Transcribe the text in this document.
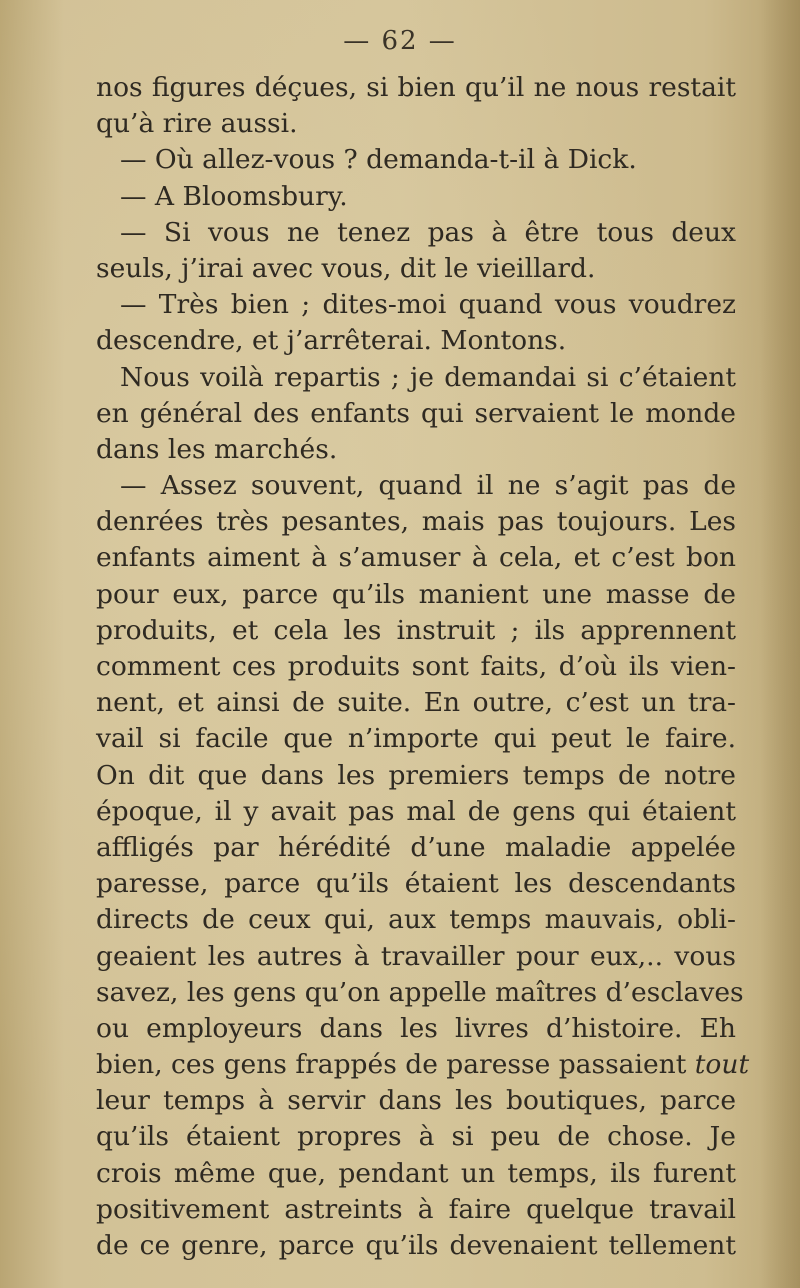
— 62 —
nos figures déçues, si bien qu’il ne nous restait
qu’à rire aussi.
— Où allez-vous ? demanda-t-il à Dick.
— A Bloomsbury.
— Si vous ne tenez pas à être tous deux
seuls, j’irai avec vous, dit le vieillard.
— Très bien ; dites-moi quand vous voudrez
descendre, et j’arrêterai. Montons.
Nous voilà repartis ; je demandai si c’étaient
en général des enfants qui servaient le monde
dans les marchés.
— Assez souvent, quand il ne s’agit pas de
denrées très pesantes, mais pas toujours. Les
enfants aiment à s’amuser à cela, et c’est bon
pour eux, parce qu’ils manient une masse de
produits, et cela les instruit ; ils apprennent
comment ces produits sont faits, d’où ils vien-
nent, et ainsi de suite. En outre, c’est un tra-
vail si facile que n’importe qui peut le faire.
On dit que dans les premiers temps de notre
époque, il y avait pas mal de gens qui étaient
affligés par hérédité d’une maladie appelée
paresse, parce qu’ils étaient les descendants
directs de ceux qui, aux temps mauvais, obli-
geaient les autres à travailler pour eux,.. vous
savez, les gens qu’on appelle maîtres d’esclaves
ou employeurs dans les livres d’histoire. Eh
bien, ces gens frappés de paresse passaient tout
leur temps à servir dans les boutiques, parce
qu’ils étaient propres à si peu de chose. Je
crois même que, pendant un temps, ils furent
positivement astreints à faire quelque travail
de ce genre, parce qu’ils devenaient tellement
